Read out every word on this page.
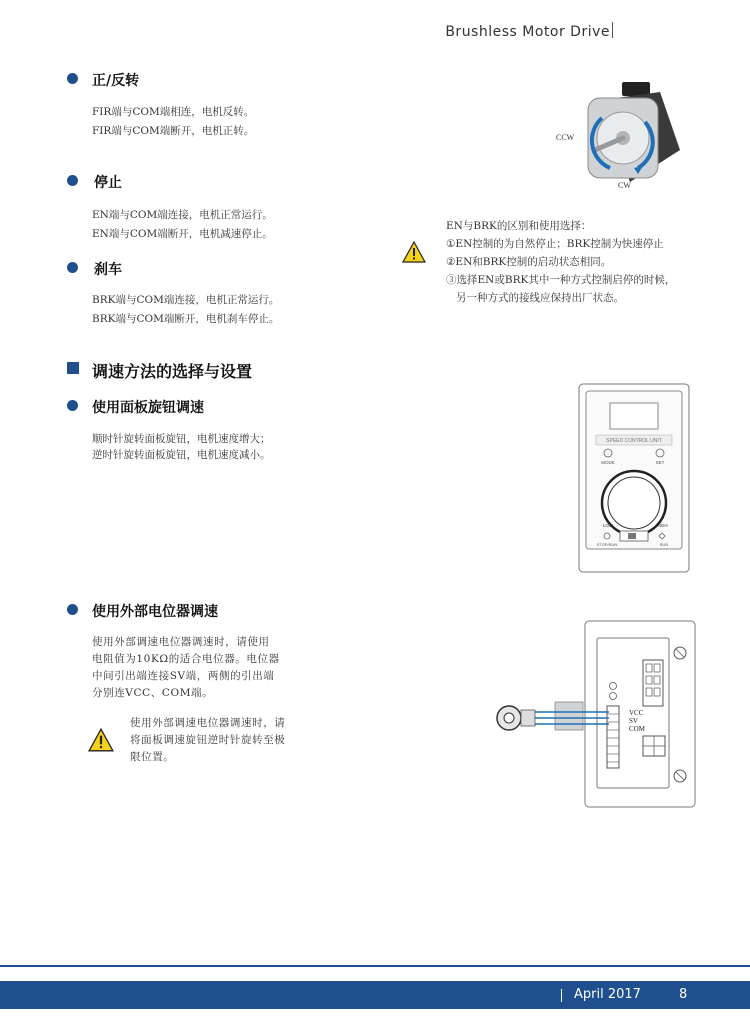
Brushless Motor Drive
正/反转
FIR端与COM端相连，电机反转。
FIR端与COM端断开，电机正转。
停止
EN端与COM端连接，电机正常运行。
EN端与COM端断开，电机减速停止。
刹车
BRK端与COM端连接，电机正常运行。
BRK端与COM端断开，电机刹车停止。
CCW
CW
EN与BRK的区别和使用选择：
①EN控制的为自然停止；BRK控制为快速停止
②EN和BRK控制的启动状态相同。
③选择EN或BRK其中一种方式控制启停的时候，
另一种方式的接线应保持出厂状态。
调速方法的选择与设置
使用面板旋钮调速
顺时针旋转面板旋钮，电机速度增大；
逆时针旋转面板旋钮，电机速度减小。
SPEED CONTROL UNIT
MODE	SET
LOW	HIGH
STOP/RUN	RUN
使用外部电位器调速
使用外部调速电位器调速时，请使用
电阻值为10KΩ的适合电位器。电位器
中间引出端连接SV端，两侧的引出端
分别连VCC、COM端。
使用外部调速电位器调速时，请
将面板调速旋钮逆时针旋转至极
限位置。
VCC
SV
COM
April 2017	8
